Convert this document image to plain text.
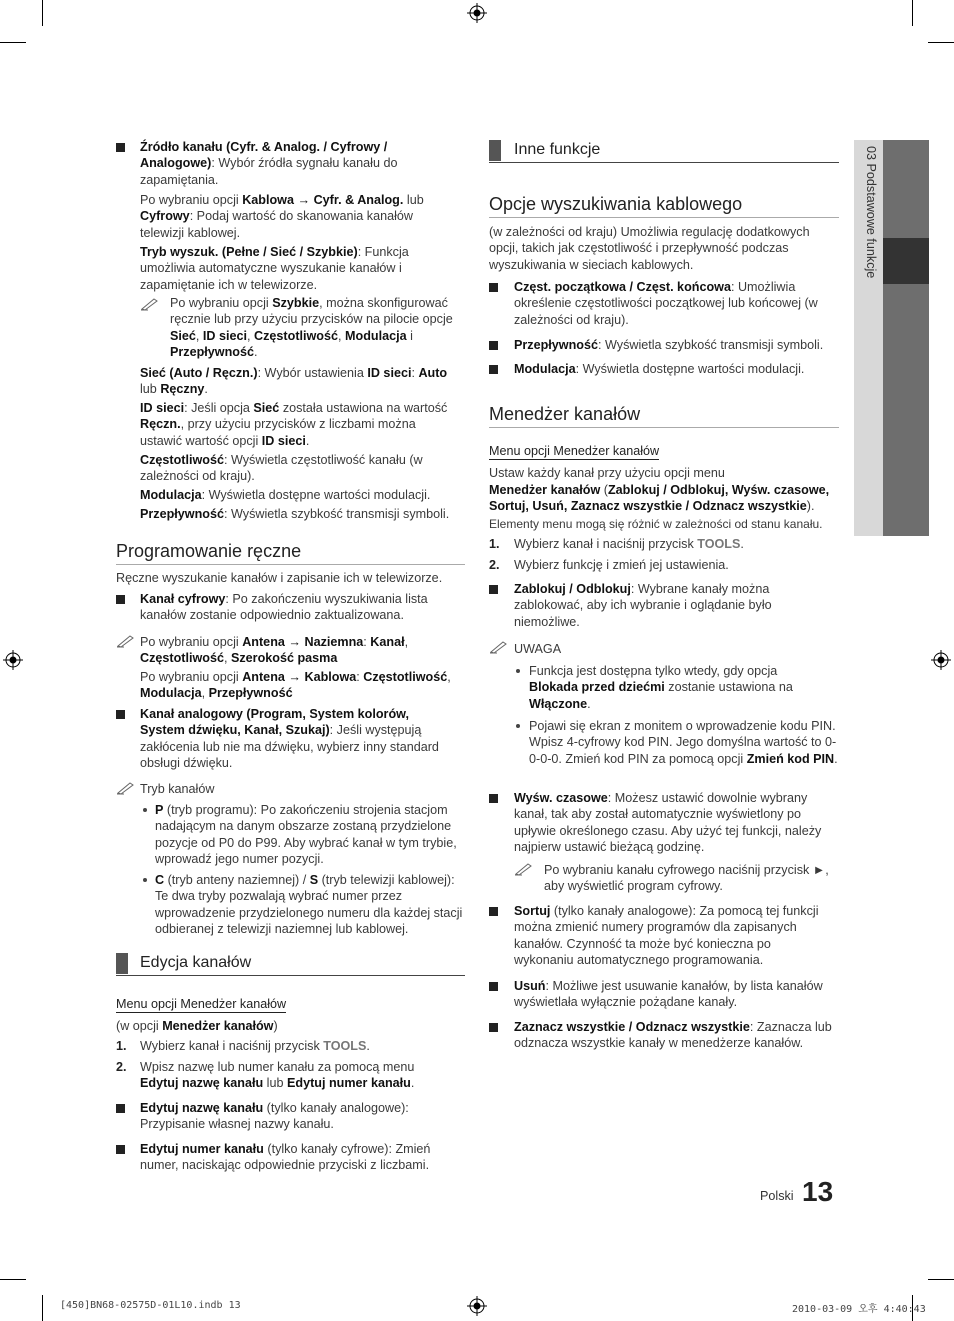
03 Podstawowe funkcje
Źródło kanału (Cyfr. & Analog. / Cyfrowy / Analogowe): Wybór źródła sygnału kanału do zapamiętania.
Po wybraniu opcji Kablowa → Cyfr. & Analog. lub Cyfrowy: Podaj wartość do skanowania kanałów telewizji kablowej.
Tryb wyszuk. (Pełne / Sieć / Szybkie): Funkcja umożliwia automatyczne wyszukanie kanałów i zapamiętanie ich w telewizorze.
Po wybraniu opcji Szybkie, można skonfigurować ręcznie lub przy użyciu przycisków na pilocie opcje Sieć, ID sieci, Częstotliwość, Modulacja i Przepływność.
Sieć (Auto / Ręczn.): Wybór ustawienia ID sieci: Auto lub Ręczny.
ID sieci: Jeśli opcja Sieć została ustawiona na wartość Ręczn., przy użyciu przycisków z liczbami można ustawić wartość opcji ID sieci.
Częstotliwość: Wyświetla częstotliwość kanału (w zależności od kraju).
Modulacja: Wyświetla dostępne wartości modulacji.
Przepływność: Wyświetla szybkość transmisji symboli.
Programowanie ręczne
Ręczne wyszukanie kanałów i zapisanie ich w telewizorze.
Kanał cyfrowy: Po zakończeniu wyszukiwania lista kanałów zostanie odpowiednio zaktualizowana.
Po wybraniu opcji Antena → Naziemna: Kanał, Częstotliwość, Szerokość pasma
Po wybraniu opcji Antena → Kablowa: Częstotliwość, Modulacja, Przepływność
Kanał analogowy (Program, System kolorów, System dźwięku, Kanał, Szukaj): Jeśli występują zakłócenia lub nie ma dźwięku, wybierz inny standard obsługi dźwięku.
Tryb kanałów
P (tryb programu): Po zakończeniu strojenia stacjom nadającym na danym obszarze zostaną przydzielone pozycje od P0 do P99. Aby wybrać kanał w tym trybie, wprowadź jego numer pozycji.
C (tryb anteny naziemnej) / S (tryb telewizji kablowej): Te dwa tryby pozwalają wybrać numer przez wprowadzenie przydzielonego numeru dla każdej stacji odbieranej z telewizji naziemnej lub kablowej.
Edycja kanałów
Menu opcji Menedżer kanałów
(w opcji Menedżer kanałów)
1. Wybierz kanał i naciśnij przycisk TOOLS.
2. Wpisz nazwę lub numer kanału za pomocą menu Edytuj nazwę kanału lub Edytuj numer kanału.
Edytuj nazwę kanału (tylko kanały analogowe): Przypisanie własnej nazwy kanału.
Edytuj numer kanału (tylko kanały cyfrowe): Zmień numer, naciskając odpowiednie przyciski z liczbami.
Inne funkcje
Opcje wyszukiwania kablowego
(w zależności od kraju) Umożliwia regulację dodatkowych opcji, takich jak częstotliwość i przepływność podczas wyszukiwania w sieciach kablowych.
Częst. początkowa / Częst. końcowa: Umożliwia określenie częstotliwości początkowej lub końcowej (w zależności od kraju).
Przepływność: Wyświetla szybkość transmisji symboli.
Modulacja: Wyświetla dostępne wartości modulacji.
Menedżer kanałów
Menu opcji Menedżer kanałów
Ustaw każdy kanał przy użyciu opcji menu
Menedżer kanałów (Zablokuj / Odblokuj, Wyśw. czasowe, Sortuj, Usuń, Zaznacz wszystkie / Odznacz wszystkie).
Elementy menu mogą się różnić w zależności od stanu kanału.
1. Wybierz kanał i naciśnij przycisk TOOLS.
2. Wybierz funkcję i zmień jej ustawienia.
Zablokuj / Odblokuj: Wybrane kanały można zablokować, aby ich wybranie i oglądanie było niemożliwe.
UWAGA
Funkcja jest dostępna tylko wtedy, gdy opcja Blokada przed dziećmi zostanie ustawiona na Włączone.
Pojawi się ekran z monitem o wprowadzenie kodu PIN. Wpisz 4-cyfrowy kod PIN. Jego domyślna wartość to 0-0-0-0. Zmień kod PIN za pomocą opcji Zmień kod PIN.
Wyśw. czasowe: Możesz ustawić dowolnie wybrany kanał, tak aby został automatycznie wyświetlony po upływie określonego czasu. Aby użyć tej funkcji, należy najpierw ustawić bieżącą godzinę.
Po wybraniu kanału cyfrowego naciśnij przycisk ►, aby wyświetlić program cyfrowy.
Sortuj (tylko kanały analogowe): Za pomocą tej funkcji można zmienić numery programów dla zapisanych kanałów. Czynność ta może być konieczna po wykonaniu automatycznego programowania.
Usuń: Możliwe jest usuwanie kanałów, by lista kanałów wyświetlała wyłącznie pożądane kanały.
Zaznacz wszystkie / Odznacz wszystkie: Zaznacza lub odznacza wszystkie kanały w menedżerze kanałów.
Polski 13
[450]BN68-02575D-01L10.indb 13	2010-03-09 오후 4:40:43
